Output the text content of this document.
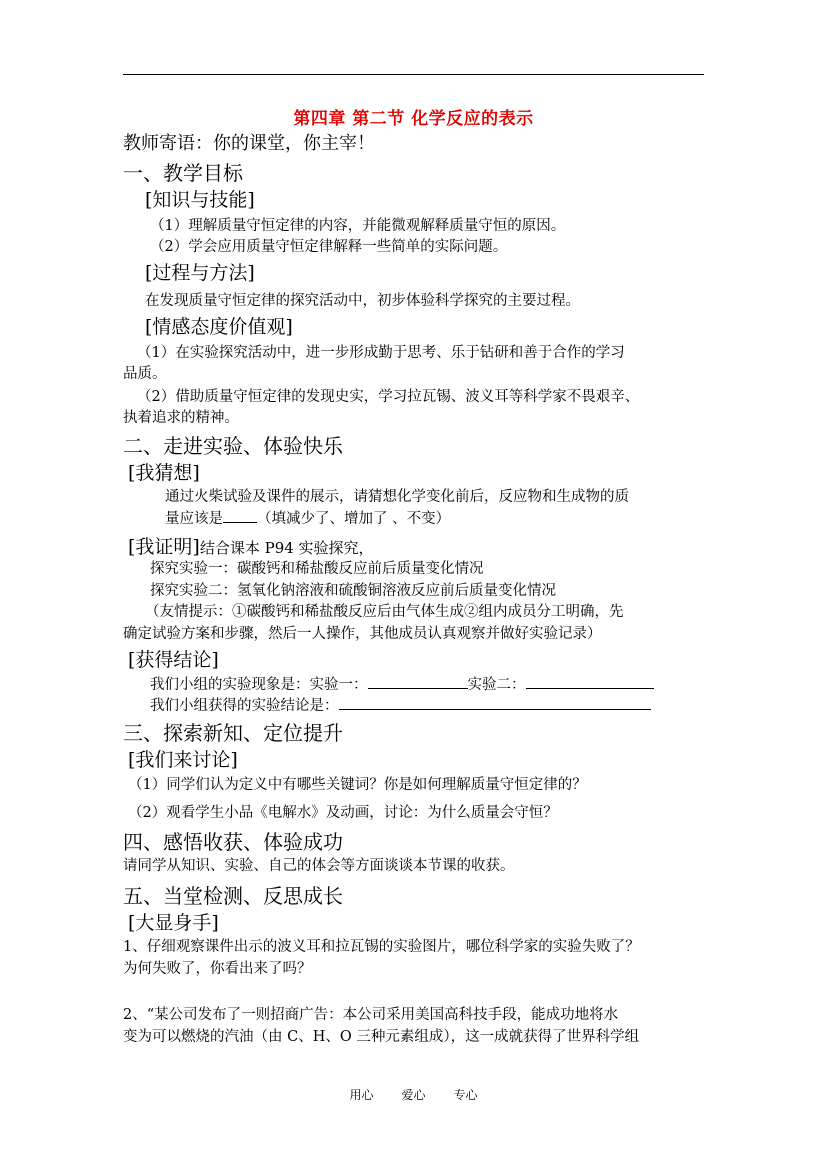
第四章 第二节 化学反应的表示
教师寄语：你的课堂，你主宰！
一、教学目标
[知识与技能]
（1）理解质量守恒定律的内容，并能微观解释质量守恒的原因。
（2）学会应用质量守恒定律解释一些简单的实际问题。
[过程与方法]
在发现质量守恒定律的探究活动中，初步体验科学探究的主要过程。
[情感态度价值观]
（1）在实验探究活动中，进一步形成勤于思考、乐于钻研和善于合作的学习
品质。
（2）借助质量守恒定律的发现史实，学习拉瓦锡、波义耳等科学家不畏艰辛、
执着追求的精神。
二、走进实验、体验快乐
[我猜想]
通过火柴试验及课件的展示，请猜想化学变化前后，反应物和生成物的质
量应该是 （填减少了、增加了 、不变）
[我证明]结合课本 P94 实验探究，
探究实验一：碳酸钙和稀盐酸反应前后质量变化情况
探究实验二：氢氧化钠溶液和硫酸铜溶液反应前后质量变化情况
（友情提示：①碳酸钙和稀盐酸反应后由气体生成②组内成员分工明确，先
确定试验方案和步骤，然后一人操作，其他成员认真观察并做好实验记录）
[获得结论]
我们小组的实验现象是：实验一：	实验二：
我们小组获得的实验结论是：
三、探索新知、定位提升
[我们来讨论]
（1）同学们认为定义中有哪些关键词？你是如何理解质量守恒定律的？
（2）观看学生小品《电解水》及动画，讨论：为什么质量会守恒？
四、感悟收获、体验成功
请同学从知识、实验、自己的体会等方面谈谈本节课的收获。
五、当堂检测、反思成长
[大显身手]
1、仔细观察课件出示的波义耳和拉瓦锡的实验图片，哪位科学家的实验失败了？
为何失败了，你看出来了吗？
2、“某公司发布了一则招商广告：本公司采用美国高科技手段，能成功地将水
变为可以燃烧的汽油（由 C、H、O 三种元素组成），这一成就获得了世界科学组
用心 爱心 专心
